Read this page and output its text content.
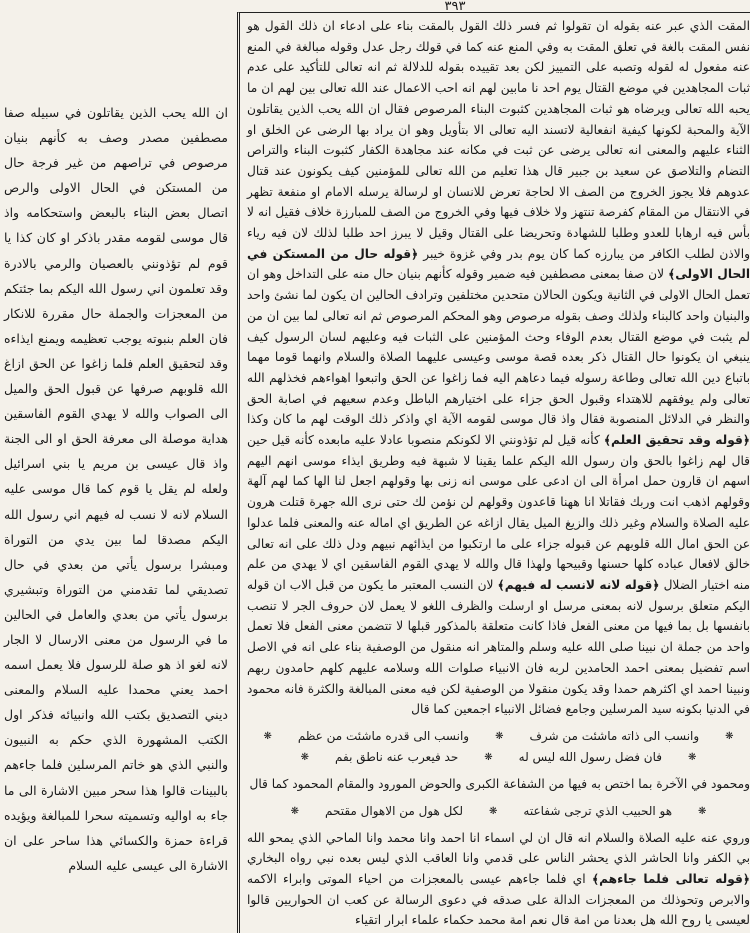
٣٩٣

المقت الذي عبر عنه بقوله ان تقولوا ثم فسر ذلك القول بالمقت بناء على ادعاء ان ذلك القول هو نفس المقت بالغة في تعلق المقت به وفي المنع عنه كما في قولك رجل عدل وقوله مبالغة في المنع عنه مفعول له لقوله وتصبه على التمييز لكن بعد تقييده بقوله للدلالة ثم انه تعالى للتأكيد على عدم ثبات المجاهدين في موضع القتال يوم احد نا مابين لهم انه احب الاعمال عند الله تعالى بين لهم ان ما يحبه الله تعالى ويرضاه هو ثبات المجاهدين كثبوت البناء المرصوص فقال ان الله يحب الذين يقاتلون الآية والمحبة لكونها كيفية انفعالية لاتسند اليه تعالى الا بتأويل وهو ان يراد بها الرضى عن الخلق او الثناء عليهم والمعنى انه تعالى يرضى عن ثبت في مكانه عند مجاهدة الكفار كثبوت البناء والتراص التضام والتلاصق عن سعيد بن جبير قال هذا تعليم من الله تعالى للمؤمنين كيف يكونون عند قتال عدوهم فلا يجوز الخروج من الصف الا لحاجة تعرض للانسان او لرسالة يرسله الامام او منفعة تظهر في الانتقال من المقام كفرصة تنتهز ولا خلاف فيها وفي الخروج من الصف للمبارزة خلاف فقيل انه لا بأس فيه ارهابا للعدو وطلبا للشهادة وتحريضا على القتال وقيل لا يبرز احد طلبا لذلك لان فيه رياء والاذن لطلب الكافر من يبارزه كما كان يوم بدر وفي غزوة خيبر ﴿قوله حال من المستكن في الحال الاولى﴾ لان صفا بمعنى مصطفين فيه ضمير وقوله كأنهم بنيان حال منه على التداخل وهو ان تعمل الحال الاولى في الثانية ويكون الحالان متحدين مختلفين وترادف الحالين ان يكون لما نشئ واحد والبنيان واحد كالبناء ولذلك وصف بقوله مرصوص وهو المحكم المرصوص ثم انه تعالى لما بين ان من لم يثبت في موضع القتال بعدم الوفاء وحث المؤمنين على الثبات فيه وعليهم لسان الرسول كيف ينبغي ان يكونوا حال القتال ذكر بعده قصة موسى وعيسى عليهما الصلاة والسلام وانهما قوما مهما باتباع دين الله تعالى وطاعة رسوله فيما دعاهم اليه فما زاغوا عن الحق واتبعوا اهواءهم فخذلهم الله تعالى ولم يوفقهم للاهتداء وقبول الحق جزاء على اختيارهم الباطل وعدم سعيهم في اصابة الحق والنظر في الدلائل المنصوبة فقال واذ قال موسى لقومه الآية اي واذكر ذلك الوقت لهم ما كان وكذا ﴿قوله وقد تحقيق العلم﴾ كأنه قيل لم تؤذونني الا لكونكم منصوبا عادلا عليه مابعده كأنه قيل حين قال لهم زاغوا بالحق وان رسول الله اليكم علما يقينا لا شبهة فيه وطريق ايذاء موسى انهم اليهم اسهم ان قارون حمل امرأة الى ان ادعى على موسى انه زنى بها وقولهم اجعل لنا الها كما لهم آلهة وقولهم اذهب انت وربك فقاتلا انا ههنا قاعدون وقولهم لن نؤمن لك حتى نرى الله جهرة قتلت هرون عليه الصلاة والسلام وغير ذلك والزيغ الميل يقال ازاغه عن الطريق اي اماله عنه والمعنى فلما عدلوا عن الحق امال الله قلوبهم عن قبوله جزاء على ما ارتكبوا من ايذائهم نبيهم ودل ذلك على انه تعالى خالق لافعال عباده كلها حسنها وقبيحها ولهذا قال والله لا يهدي القوم الفاسقين اي لا يهدي من علم منه اختيار الضلال ﴿قوله لانه لانسب له فيهم﴾ لان النسب المعتبر ما يكون من قبل الاب ان قوله اليكم متعلق برسول لانه بمعنى مرسل او ارسلت والظرف اللغو لا يعمل لان حروف الجر لا تنصب بانفسها بل بما فيها من معنى الفعل فاذا كانت متعلقة بالمذكور قبلها لا تتضمن معنى الفعل فلا تعمل واحد من جملة ان نبينا صلى الله عليه وسلم والمتاهر انه منقول من الوصفية بناء على انه في الاصل اسم تفضيل بمعنى احمد الحامدين لربه فان الانبياء صلوات الله وسلامه عليهم كلهم حامدون ربهم ونبينا احمد اي اكثرهم حمدا وقد يكون منقولا من الوصفية لكن فيه معنى المبالغة والكثرة فانه محمود في الدنيا بكونه سيد المرسلين وجامع فضائل الانبياء اجمعين كما قال

❋
وانسب الى ذاته ماشئت من شرف
❋
وانسب الى قدره ماشئت من عظم
❋
❋
فان فضل رسول الله ليس له
❋
حد فيعرب عنه ناطق بفم
❋

ومحمود في الآخرة بما اختص به فيها من الشفاعة الكبرى والحوض المورود والمقام المحمود كما قال

❋
هو الحبيب الذي ترجى شفاعته
❋
لكل هول من الاهوال مقتحم
❋

وروي عنه عليه الصلاة والسلام انه قال ان لي اسماء انا احمد وانا محمد وانا الماحي الذي يمحو الله بي الكفر وانا الحاشر الذي يحشر الناس على قدمي وانا العاقب الذي ليس بعده نبي رواه البخاري ﴿قوله تعالى فلما جاءهم﴾ اي فلما جاءهم عيسى بالمعجزات من احياء الموتى وابراء الاكمه والابرص وتحوذلك من المعجزات الدالة على صدقه في دعوى الرسالة عن كعب ان الحواريين قالوا لعيسى يا روح الله هل بعدنا من امة قال نعم امة محمد حكماء علماء ابرار اتقياء

ان الله يحب الذين يقاتلون في سبيله صفا مصطفين مصدر وصف به كأنهم بنيان مرصوص في تراصهم من غير فرجة حال من المستكن في الحال الاولى والرص اتصال بعض البناء بالبعض واستحكامه واذ قال موسى لقومه مقدر باذكر او كان كذا يا قوم لم تؤذونني بالعصيان والرمي بالادرة وقد تعلمون اني رسول الله اليكم بما جئتكم من المعجزات والجملة حال مقررة للانكار فان العلم بنبوته يوجب تعظيمه ويمنع ايذاءه وقد لتحقيق العلم فلما زاغوا عن الحق ازاغ الله قلوبهم صرفها عن قبول الحق والميل الى الصواب والله لا يهدي القوم الفاسقين هداية موصلة الى معرفة الحق او الى الجنة واذ قال عيسى بن مريم يا بني اسرائيل ولعله لم يقل يا قوم كما قال موسى عليه السلام لانه لا نسب له فيهم اني رسول الله اليكم مصدقا لما بين يدي من التوراة ومبشرا برسول يأتي من بعدي في حال تصديقي لما تقدمني من التوراة وتبشيري برسول يأتي من بعدي والعامل في الحالين ما في الرسول من معنى الارسال لا الجار لانه لغو اذ هو صلة للرسول فلا يعمل اسمه احمد يعني محمدا عليه السلام والمعنى ديني التصديق بكتب الله وانبيائه فذكر اول الكتب المشهورة الذي حكم به النبيون والنبي الذي هو خاتم المرسلين فلما جاءهم بالبينات قالوا هذا سحر مبين الاشارة الى ما جاء به اواليه وتسميته سحرا للمبالغة ويؤيده قراءة حمزة والكسائي هذا ساحر على ان الاشارة الى عيسى عليه السلام
